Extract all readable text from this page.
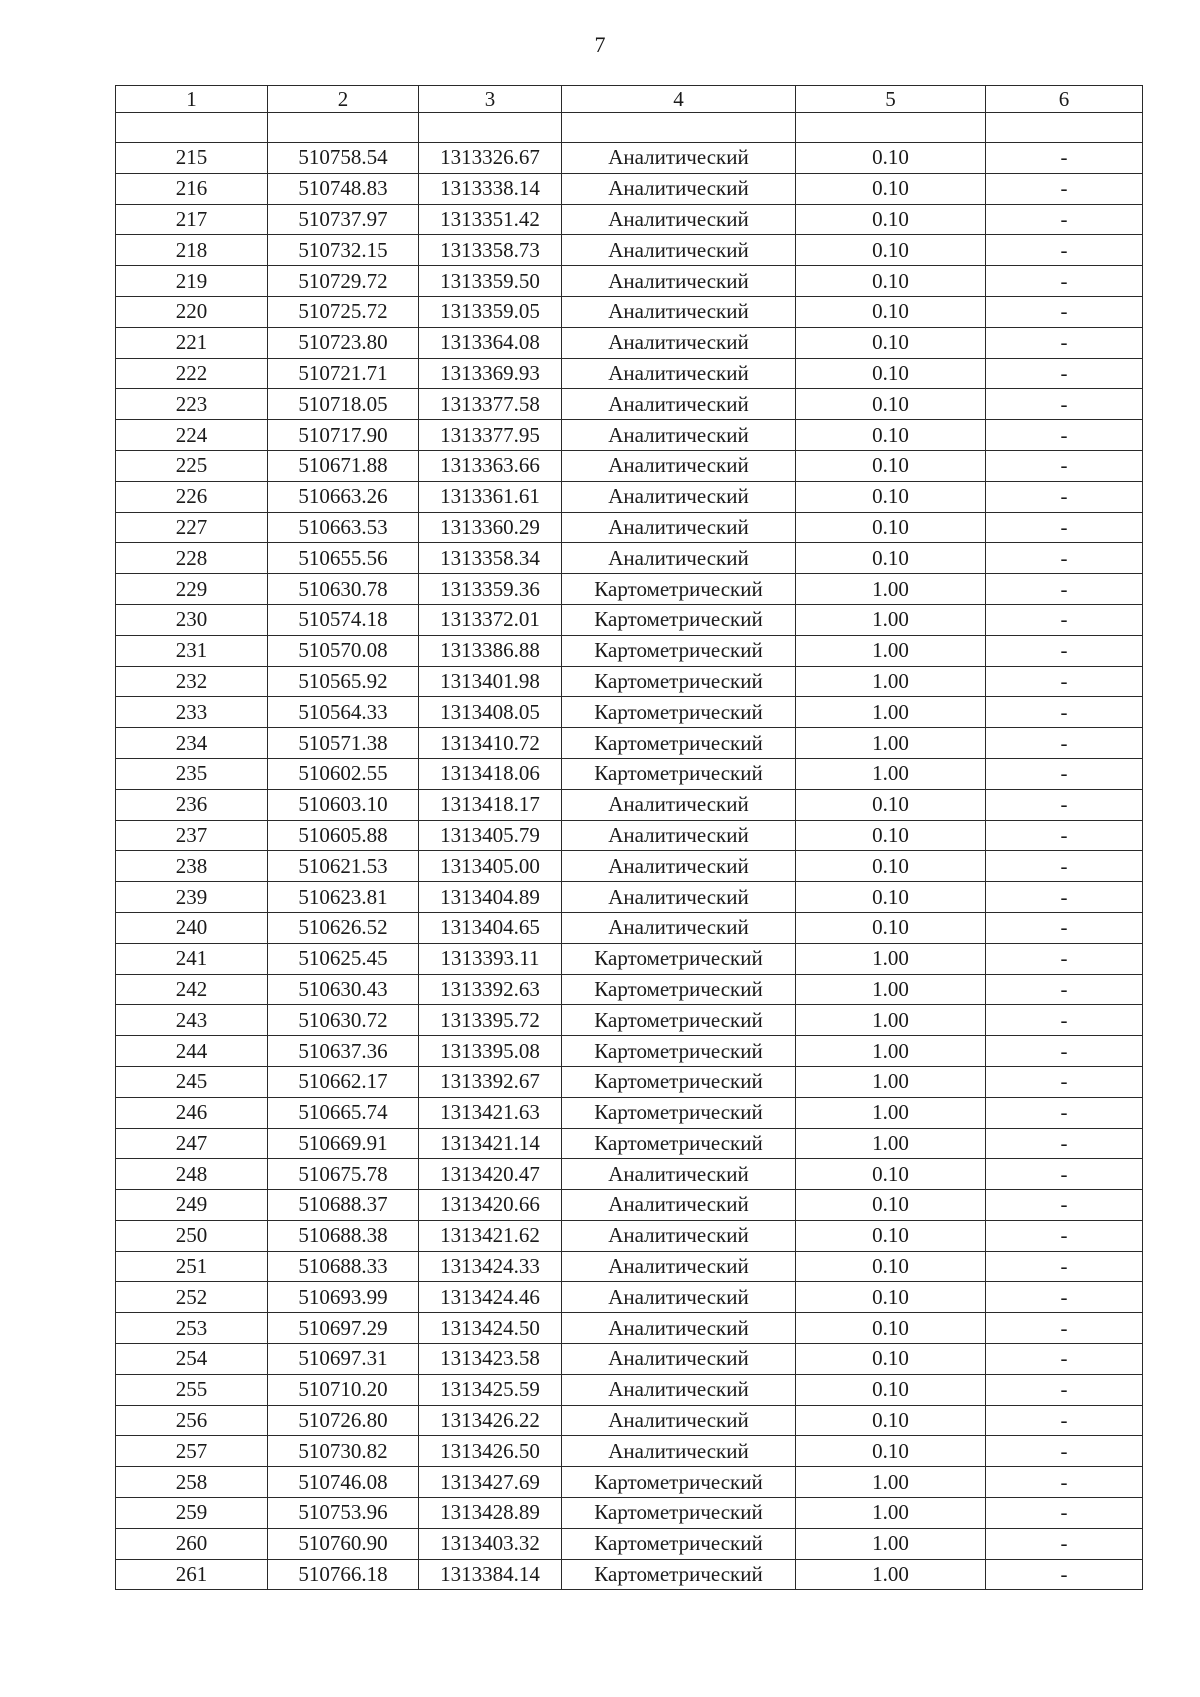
7
1	2	3	4	5	6

215	510758.54	1313326.67	Аналитический	0.10	-
216	510748.83	1313338.14	Аналитический	0.10	-
217	510737.97	1313351.42	Аналитический	0.10	-
218	510732.15	1313358.73	Аналитический	0.10	-
219	510729.72	1313359.50	Аналитический	0.10	-
220	510725.72	1313359.05	Аналитический	0.10	-
221	510723.80	1313364.08	Аналитический	0.10	-
222	510721.71	1313369.93	Аналитический	0.10	-
223	510718.05	1313377.58	Аналитический	0.10	-
224	510717.90	1313377.95	Аналитический	0.10	-
225	510671.88	1313363.66	Аналитический	0.10	-
226	510663.26	1313361.61	Аналитический	0.10	-
227	510663.53	1313360.29	Аналитический	0.10	-
228	510655.56	1313358.34	Аналитический	0.10	-
229	510630.78	1313359.36	Картометрический	1.00	-
230	510574.18	1313372.01	Картометрический	1.00	-
231	510570.08	1313386.88	Картометрический	1.00	-
232	510565.92	1313401.98	Картометрический	1.00	-
233	510564.33	1313408.05	Картометрический	1.00	-
234	510571.38	1313410.72	Картометрический	1.00	-
235	510602.55	1313418.06	Картометрический	1.00	-
236	510603.10	1313418.17	Аналитический	0.10	-
237	510605.88	1313405.79	Аналитический	0.10	-
238	510621.53	1313405.00	Аналитический	0.10	-
239	510623.81	1313404.89	Аналитический	0.10	-
240	510626.52	1313404.65	Аналитический	0.10	-
241	510625.45	1313393.11	Картометрический	1.00	-
242	510630.43	1313392.63	Картометрический	1.00	-
243	510630.72	1313395.72	Картометрический	1.00	-
244	510637.36	1313395.08	Картометрический	1.00	-
245	510662.17	1313392.67	Картометрический	1.00	-
246	510665.74	1313421.63	Картометрический	1.00	-
247	510669.91	1313421.14	Картометрический	1.00	-
248	510675.78	1313420.47	Аналитический	0.10	-
249	510688.37	1313420.66	Аналитический	0.10	-
250	510688.38	1313421.62	Аналитический	0.10	-
251	510688.33	1313424.33	Аналитический	0.10	-
252	510693.99	1313424.46	Аналитический	0.10	-
253	510697.29	1313424.50	Аналитический	0.10	-
254	510697.31	1313423.58	Аналитический	0.10	-
255	510710.20	1313425.59	Аналитический	0.10	-
256	510726.80	1313426.22	Аналитический	0.10	-
257	510730.82	1313426.50	Аналитический	0.10	-
258	510746.08	1313427.69	Картометрический	1.00	-
259	510753.96	1313428.89	Картометрический	1.00	-
260	510760.90	1313403.32	Картометрический	1.00	-
261	510766.18	1313384.14	Картометрический	1.00	-
